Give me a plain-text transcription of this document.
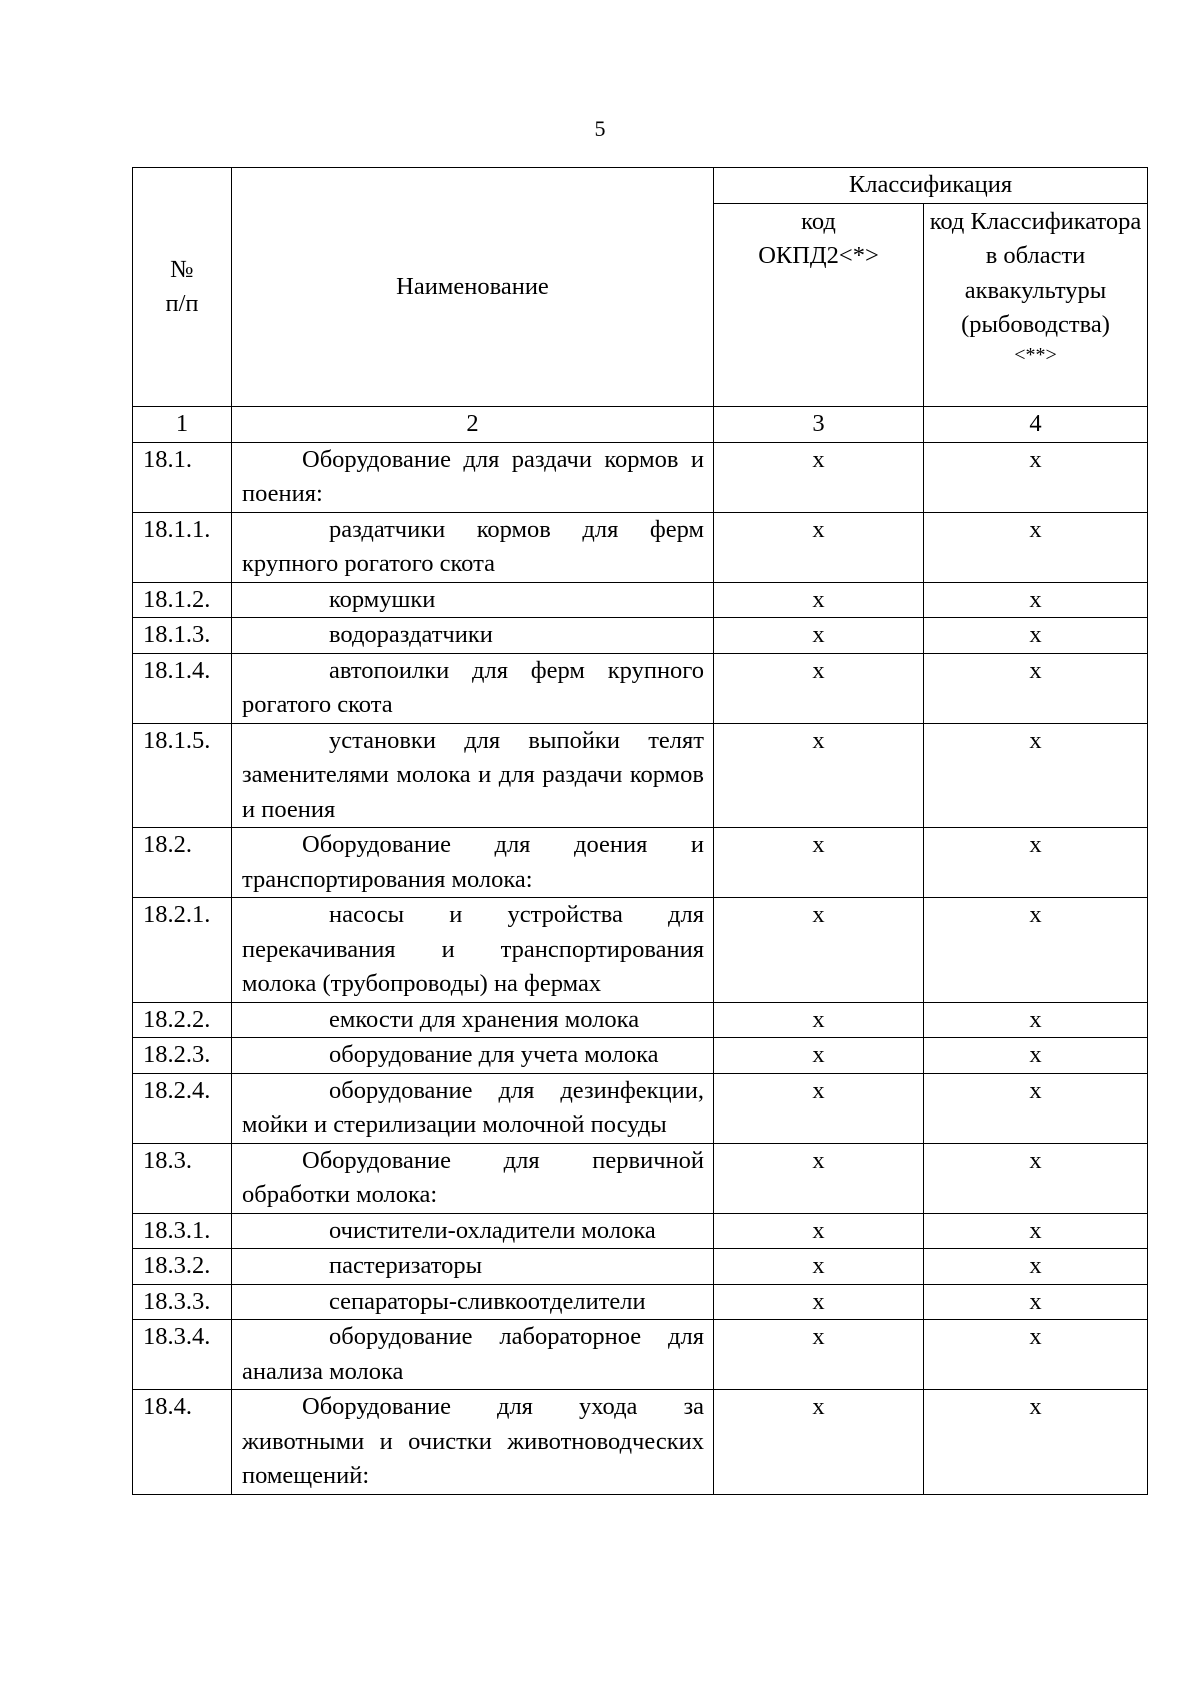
5
№ п/п	Наименование	Классификация	
		код ОКПД2<*>	код Классификатора в области аквакультуры (рыбоводства)
<**>

1	2	3	4
18.1.	Оборудование для раздачи кормов и поения:	х	х
18.1.1.	раздатчики кормов для ферм крупного рогатого скота	х	х
18.1.2.	кормушки	х	х
18.1.3.	водораздатчики	х	х
18.1.4.	автопоилки для ферм крупного рогатого скота	х	х
18.1.5.	установки для выпойки телят заменителями молока и для раздачи кормов и поения	х	х
18.2.	Оборудование для доения и транспортирования молока:	х	х
18.2.1.	насосы и устройства для перекачивания и транспортирования молока (трубопроводы) на фермах	х	х
18.2.2.	емкости для хранения молока	х	х
18.2.3.	оборудование для учета молока	х	х
18.2.4.	оборудование для дезинфекции, мойки и стерилизации молочной посуды	х	х
18.3.	Оборудование для первичной обработки молока:	х	х
18.3.1.	очистители-охладители молока	х	х
18.3.2.	пастеризаторы	х	х
18.3.3.	сепараторы-сливкоотделители	х	х
18.3.4.	оборудование лабораторное для анализа молока	х	х
18.4.	Оборудование для ухода за животными и очистки животноводческих помещений:	х	х
